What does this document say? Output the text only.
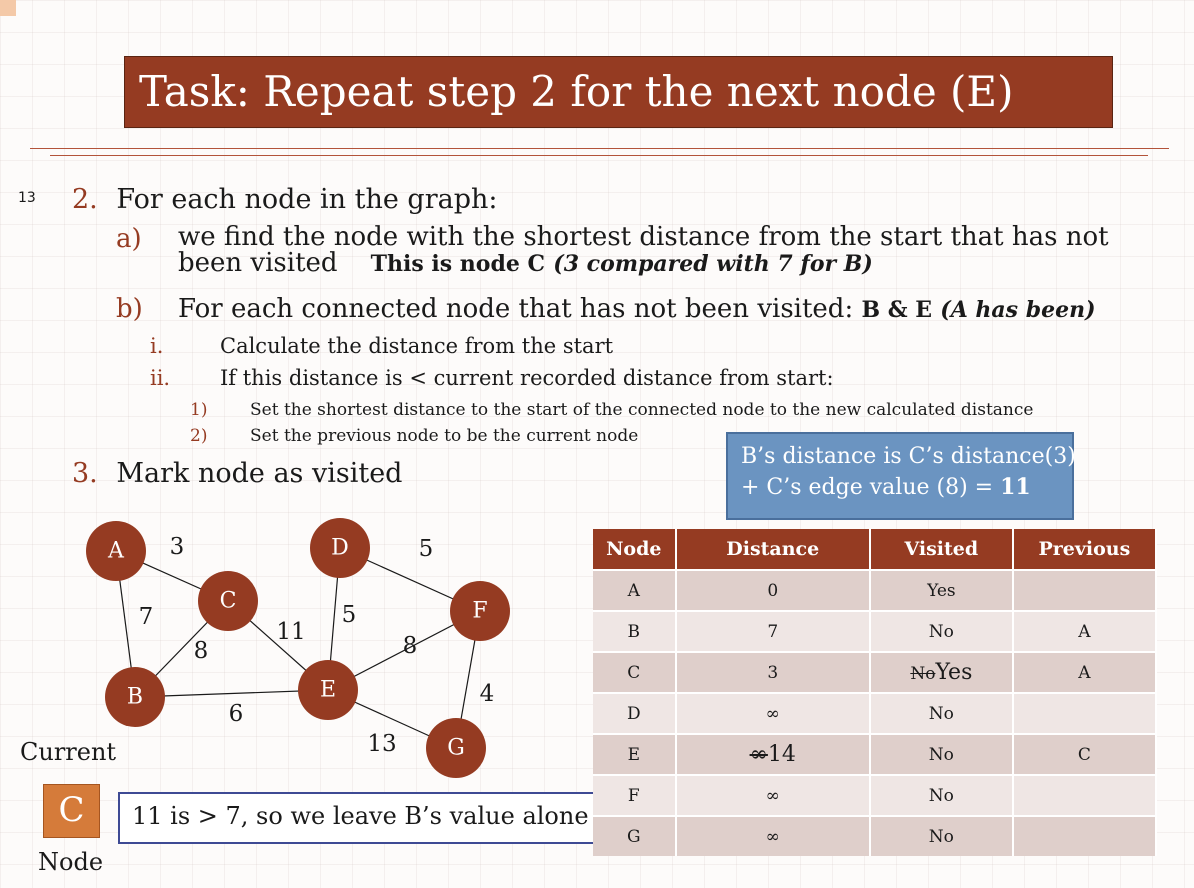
Task: Repeat step 2 for the next node (E)
13 2. For each node in the graph:
a) we find the node with the shortest distance from the start that has not
been visited This is node C (3 compared with 7 for B)
b) For each connected node that has not been visited: B & E (A has been)
i.	Calculate the distance from the start
ii. If this distance is < current recorded distance from start:
1)	Set the shortest distance to the start of the connected node to the new calculated distance
2)	Set the previous node to be the current node
3. Mark node as visited
B’s distance is C’s distance(3)
+ C’s edge value (8) = 11
3
7
8
11
6
5
5
8
4
13
A
B
C
D
E
F
G
Current
C
Node
11 is > 7, so we leave B’s value alone
Node	Distance	Visited	Previous
A	0	Yes	
B	7	No	A
C	3	NoYes	A
D	∞	No	
E	∞14	No	C
F	∞	No	
G	∞	No	
